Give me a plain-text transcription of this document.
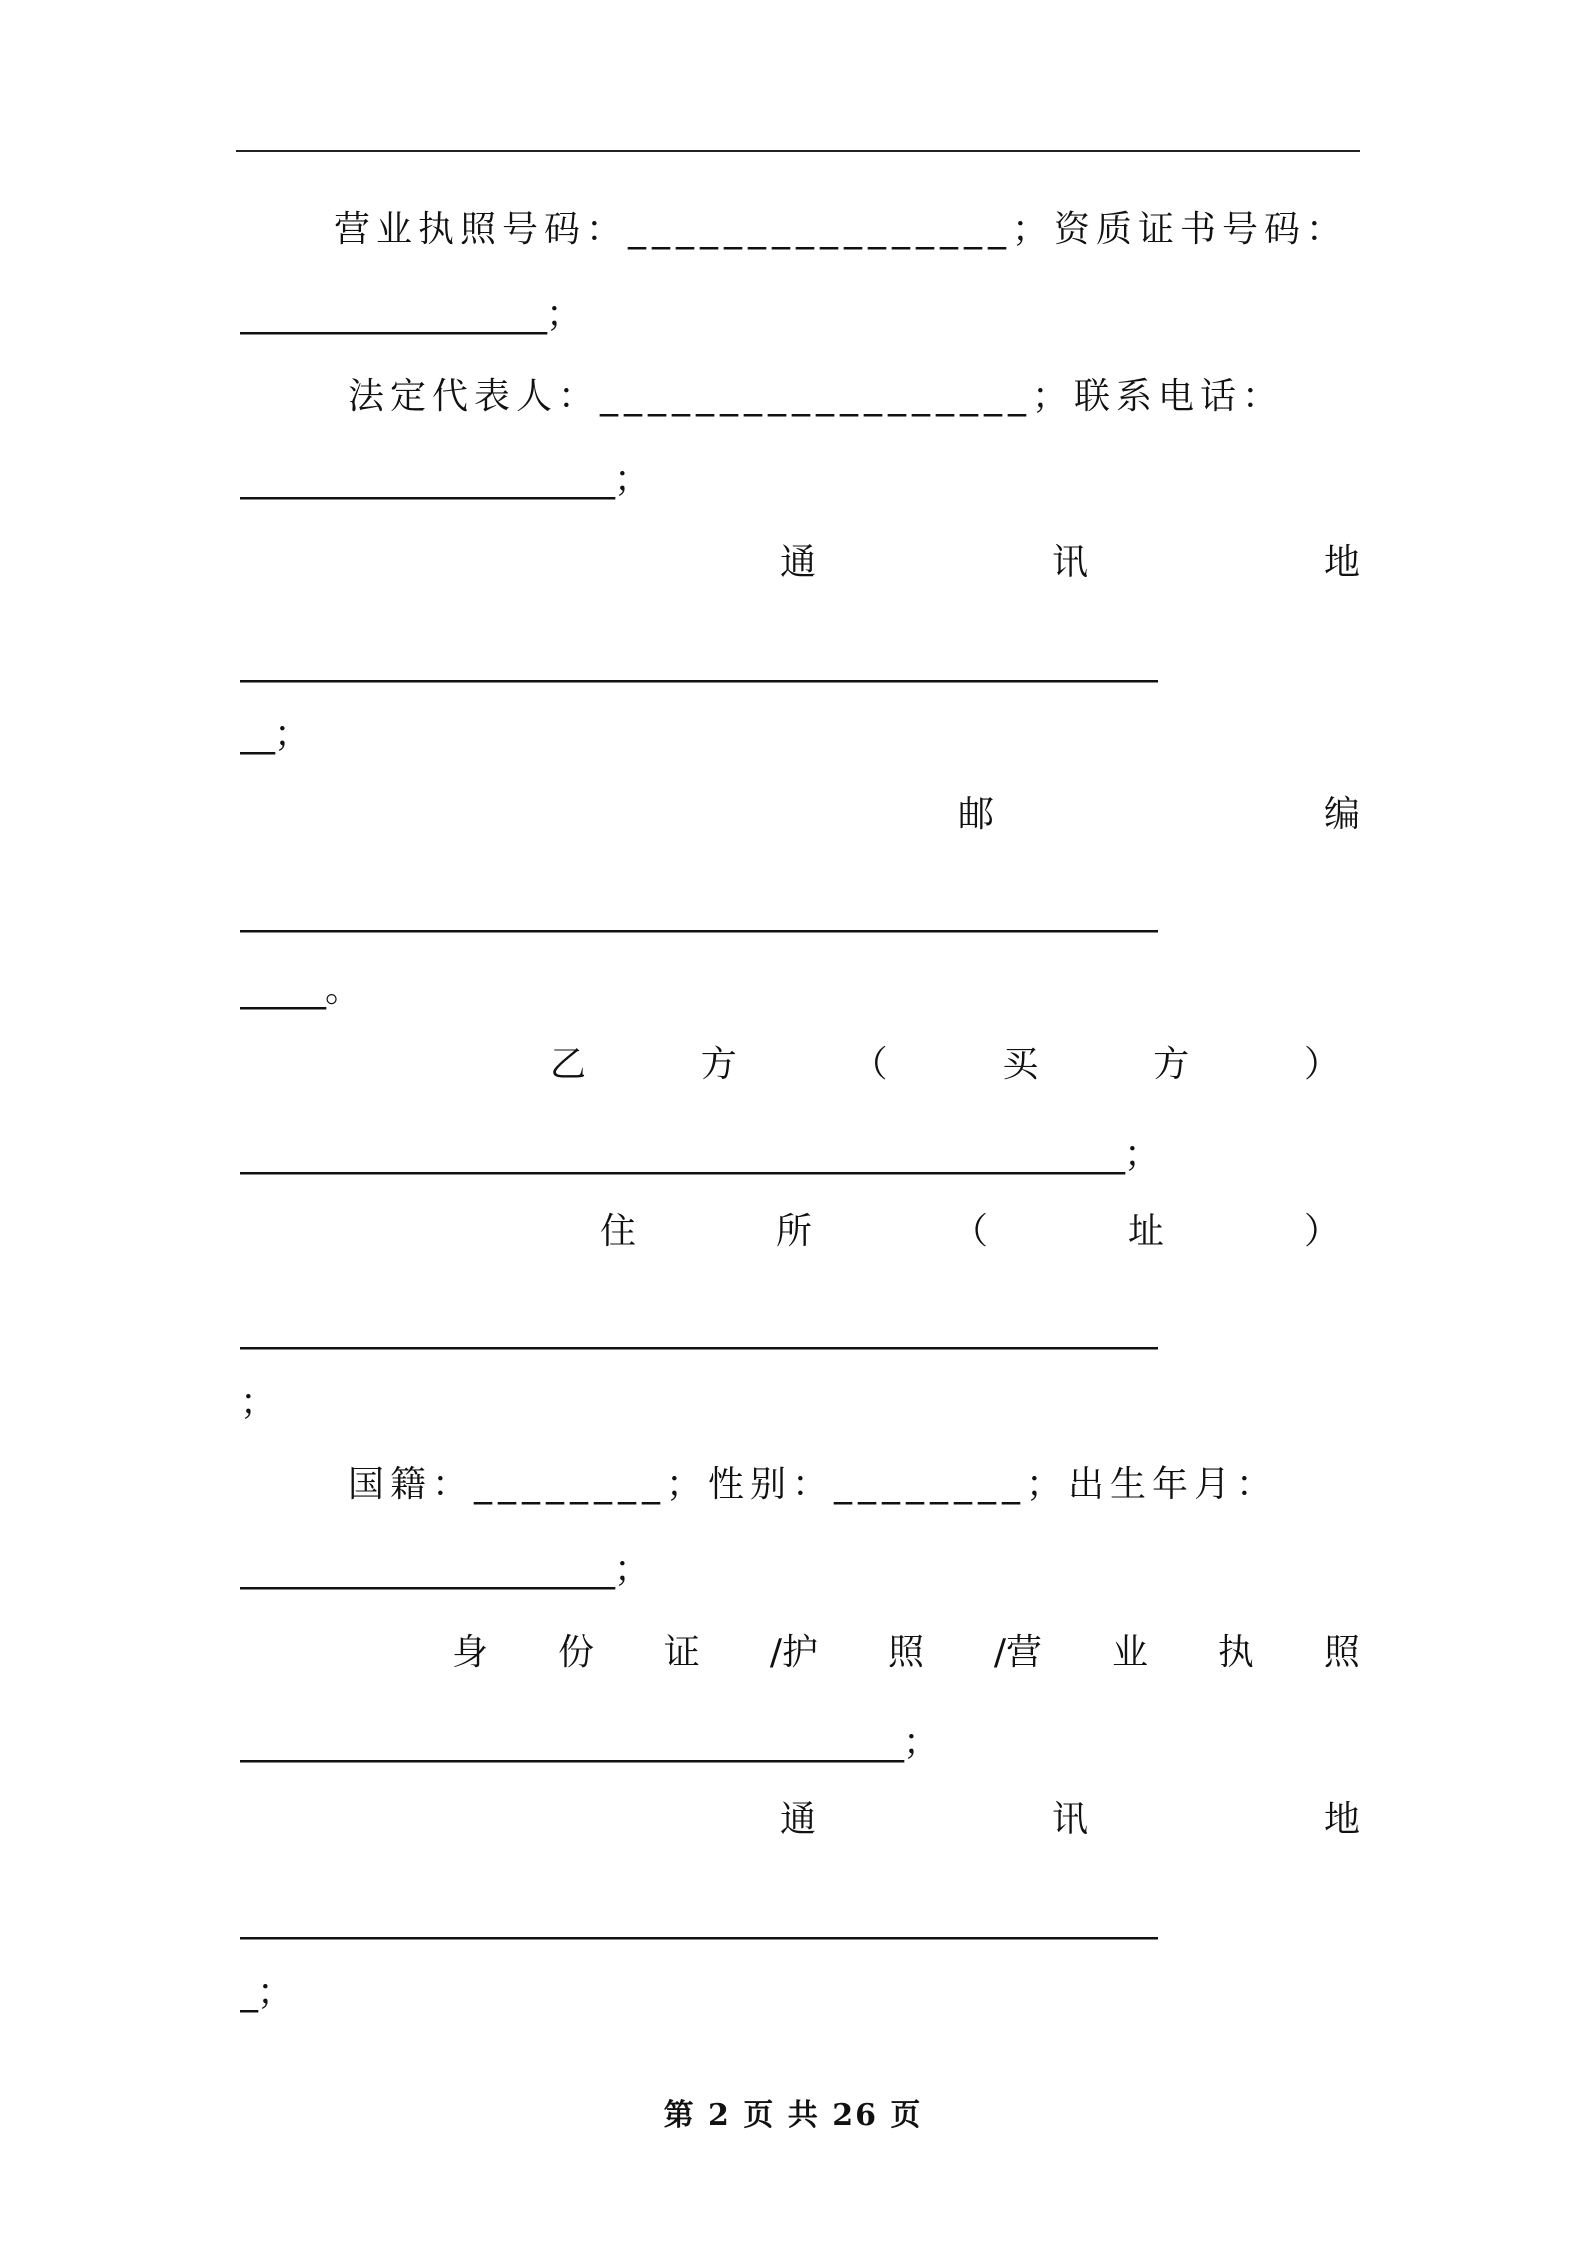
营业执照号码：________________；资质证书号码：
__________________；
法定代表人：__________________；联系电话：
______________________；
通	讯	地
______________________________________________________
__；
邮	编
______________________________________________________
_____。
乙	方	（	买	方	）
____________________________________________________；
住	所	（	址	）
______________________________________________________
；
国籍：________；性别：________；出生年月：
______________________；
身 份 证 /护 照 /营 业 执 照
_______________________________________；
通	讯	地
______________________________________________________
_；
第 2 页 共 26 页
